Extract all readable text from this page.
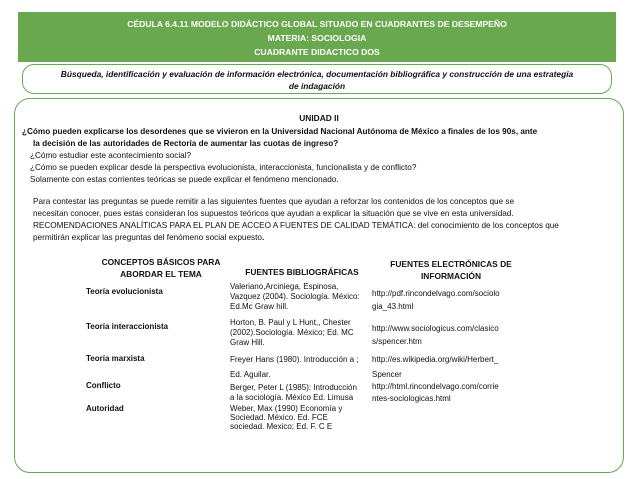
CÉDULA 6.4.11 MODELO DIDÁCTICO GLOBAL SITUADO EN CUADRANTES DE DESEMPEÑO
MATERIA: SOCIOLOGIA
CUADRANTE DIDACTICO DOS
Búsqueda, identificación y evaluación de información electrónica, documentación bibliográfica y construcción de una estrategia
de indagación
UNIDAD II
¿Cómo pueden explicarse los desordenes que se vivieron en la Universidad Nacional Autónoma de México a finales de los 90s, ante
la decisión de las autoridades de Rectoría de aumentar las cuotas de ingreso?
¿Cómo estudiar este acontecimiento social?
¿Cómo se pueden explicar desde la perspectiva evolucionista, interaccionista, funcionalista y de conflicto?
Solamente con estas corrientes teóricas se puede explicar el fenómeno mencionado.
Para contestar las preguntas se puede remitir a las siguientes fuentes que ayudan a reforzar los contenidos de los conceptos que se
necesitan conocer, pues estas consideran los supuestos teóricos que ayudan a explicar la situación que se vive en esta universidad.
RECOMENDACIONES ANALÍTICAS PARA EL PLAN DE ACCEO A FUENTES DE CALIDAD TEMÁTICA: del conocimiento de los conceptos que
permitirán explicar las preguntas del fenómeno social expuesto.
CONCEPTOS BÁSICOS PARA
ABORDAR EL TEMA	FUENTES BIBLIOGRÁFICAS
FUENTES ELECTRÓNICAS DE
INFORMACIÓN
Teoría evolucionista
Teoría interaccionista
Teoría marxista
Conflicto
Autoridad
Valeriano,Arciniega, Espinosa,
Vazquez (2004). Sociología. México:
Ed.Mc Graw hill.
Horton, B. Paul y L Hunt,, Chester
(2002).Sociología. México; Ed. MC
Graw Hill.
Freyer Hans (1980). Introducción a ;
Ed. Aguilar.
Berger, Peter L (1985): Introducción
a la sociología. México Ed. Limusa
Weber, Max (1990) Economía y
Sociedad. México. Ed. FCE
sociedad. Mexico; Ed. F. C E
http://pdf.rincondelvago.com/sociolo
gia_43.html
http://www.sociologicus.com/clasico
s/spencer.htm
http://es.wikipedia.org/wiki/Herbert_
Spencer
http://html.rincondelvago.com/corrie
ntes-sociologicas.html
